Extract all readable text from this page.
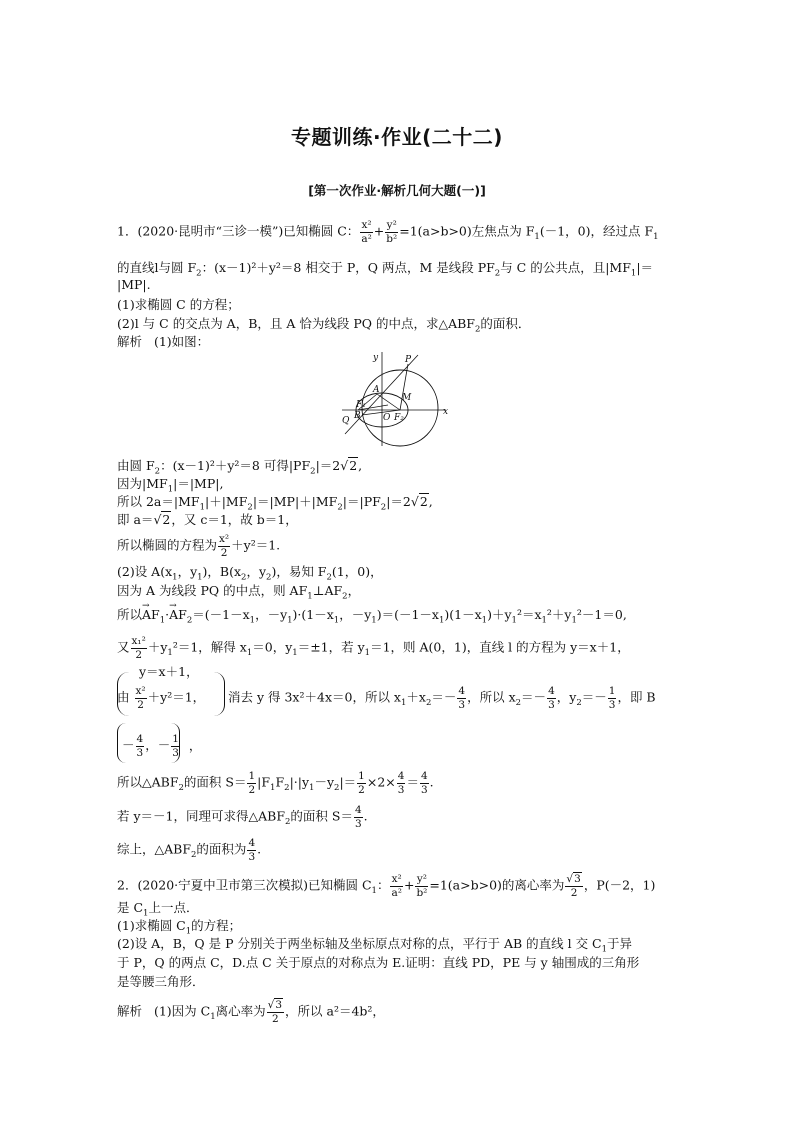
专题训练·作业(二十二)
[第一次作业·解析几何大题(一)]
1．(2020·昆明市“三诊一模”)已知椭圆 C： $\frac{\text{x²}}{\text{a²}} + \frac{\text{y²}}{\text{b²}} =1(a>b>0)$左焦点为 $F_1(-1$，0)，经过点 $F_1$
的直线l与圆 $F_2$：(x－1)²＋y²＝8 相交于 P，Q 两点，M 是线段 $PF_2$与 C 的公共点，且$|MF_1|=$
|MP|.
(1)求椭圆 C 的方程；
(2)l 与 C 的交点为 A，B，且 A 恰为线段 PQ 的中点，求$\triangle ABF_2$的面积．
解析 (1)如图：
y	P
A
M
F₁
O F₂
Q B	x
由圆 $F_2$：(x－1)²＋y²＝8 可得$|PF_2|=2√2$,
因为$|MF_1|=|MP|$,
所以 $2a=|MF_1|+|MF_2|=|MP|+|MF_2|=|PF_2|=2√2$,
即 a＝√2，又 c＝1，故 b＝1，
所以椭圆的方程为 $\frac{\text{x²}}{2} +y^2=1$.
(2)设 $A(x_1$，$y_1$)，$B(x_2$，$y_2$)，易知 $F_2(1$，0)，
因为 A 为线段 PQ 的中点，则 $AF_1\perp AF_2$，
所以→ $AF_1\cdot\to AF_2=(-1-x_1$，$-y_1)\cdot(1-x_1$，$-y_1)=(-1-x_1)(1-x_1)+y_1^2=x_1^2+y_1^2-1=0$,
又 $\frac{\text{x₁²}}{2} +y_1^2=1$，解得 $x_1=0$，$y_1=\pm 1$，若 $y_1=1$，则 A(0，1)，直线 l 的方程为 y＝x＋1，
y＝x＋1，
由 $\frac{\text{x²}}{2} +y^2=1$， 消去 y 得 3x²＋4x＝0，所以 $x_1+x_2=- \frac{4}{3}$ ，所以 $x_2=- \frac{4}{3}$ ，$y_2=- \frac{1}{3}$ ，即 B
－ $\frac{4}{3}$ ，－ $\frac{1}{3}$ ，
所以$\triangle ABF_2$的面积 $S= \frac{1}{2} |F_1F_2|\cdot|y_1-y_2|= \frac{1}{2} \times 2\times \frac{4}{3} = \frac{4}{3}$ .
若 y＝－1，同理可求得$\triangle ABF_2$的面积 $S= \frac{4}{3}$ .
综上，$\triangle ABF_2$的面积为 $\frac{4}{3}$ .
2．(2020·宁夏中卫市第三次模拟)已知椭圆 $C_1$： $\frac{\text{x²}}{\text{a²}} + \frac{\text{y²}}{\text{b²}} =1(a>b>0)$的离心率为 $\frac{√3}{2}$ ，P(－2，1)
是 $C_1$上一点．
(1)求椭圆 $C_1$的方程；
(2)设 A，B，Q 是 P 分别关于两坐标轴及坐标原点对称的点，平行于 AB 的直线 l 交 $C_1$于异
于 P，Q 的两点 C，D.点 C 关于原点的对称点为 E.证明：直线 PD，PE 与 y 轴围成的三角形
是等腰三角形．
解析 (1)因为 $C_1$离心率为 $\frac{√3}{2}$ ，所以 a²＝4b²，
